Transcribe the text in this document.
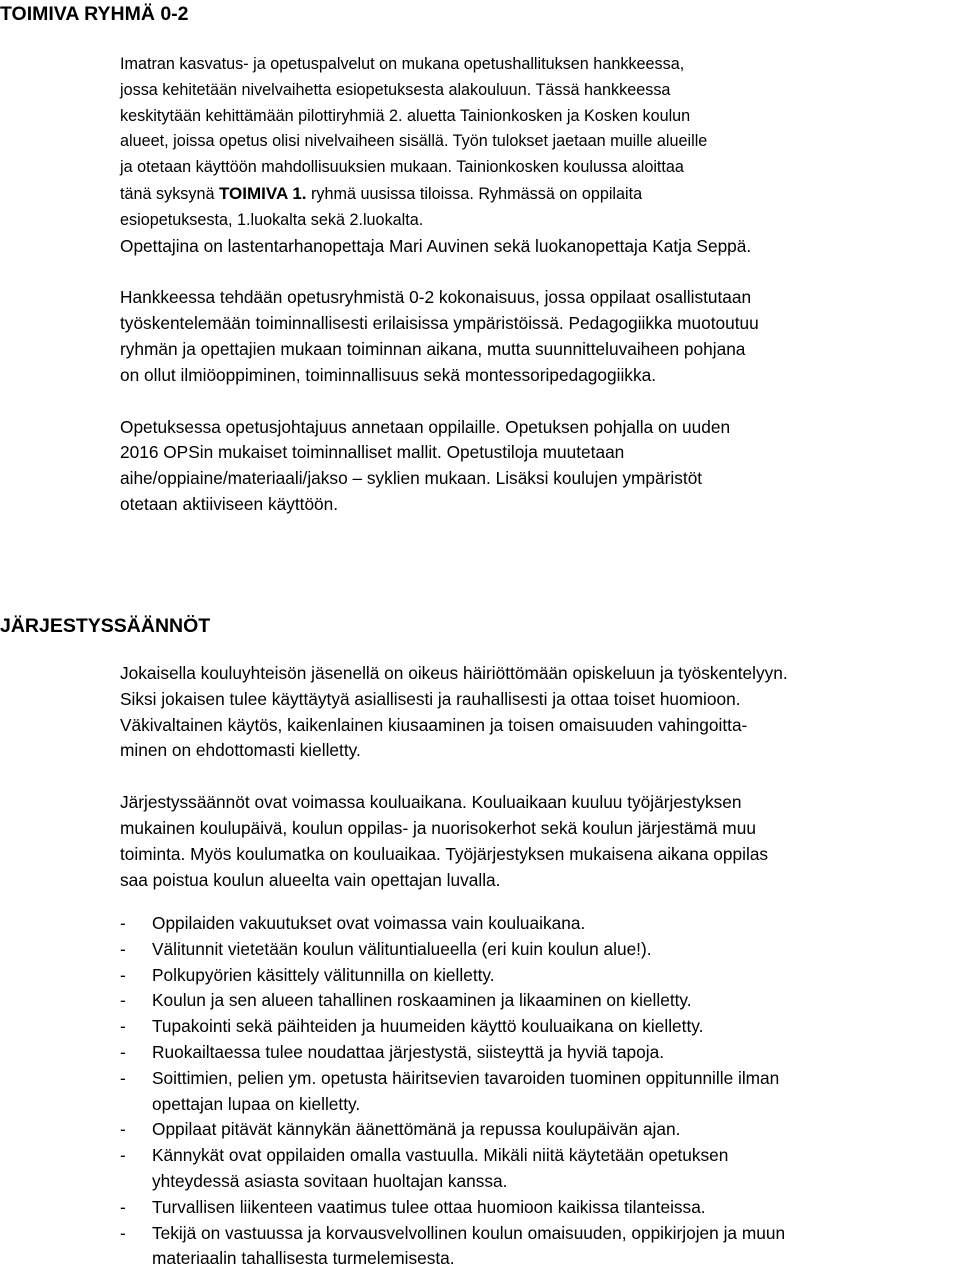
TOIMIVA RYHMÄ 0-2

Imatran kasvatus- ja opetuspalvelut on mukana opetushallituksen hankkeessa,
jossa kehitetään nivelvaihetta esiopetuksesta alakouluun. Tässä hankkeessa
keskitytään kehittämään pilottiryhmiä 2. aluetta Tainionkosken ja Kosken koulun
alueet, joissa opetus olisi nivelvaiheen sisällä. Työn tulokset jaetaan muille alueille
ja otetaan käyttöön mahdollisuuksien mukaan. Tainionkosken koulussa aloittaa
tänä syksynä TOIMIVA 1. ryhmä uusissa tiloissa. Ryhmässä on oppilaita
esiopetuksesta, 1.luokalta sekä 2.luokalta.
Opettajina on lastentarhanopettaja Mari Auvinen sekä luokanopettaja Katja Seppä.

Hankkeessa tehdään opetusryhmistä 0-2 kokonaisuus, jossa oppilaat osallistutaan
työskentelemään toiminnallisesti erilaisissa ympäristöissä. Pedagogiikka muotoutuu
ryhmän ja opettajien mukaan toiminnan aikana, mutta suunnitteluvaiheen pohjana
on ollut ilmiöoppiminen, toiminnallisuus sekä montessoripedagogiikka.

Opetuksessa opetusjohtajuus annetaan oppilaille. Opetuksen pohjalla on uuden
2016 OPSin mukaiset toiminnalliset mallit. Opetustiloja muutetaan
aihe/oppiaine/materiaali/jakso – syklien mukaan. Lisäksi koulujen ympäristöt
otetaan aktiiviseen käyttöön.

JÄRJESTYSSÄÄNNÖT

Jokaisella kouluyhteisön jäsenellä on oikeus häiriöttömään opiskeluun ja työskentelyyn.
Siksi jokaisen tulee käyttäytyä asiallisesti ja rauhallisesti ja ottaa toiset huomioon.
Väkivaltainen käytös, kaikenlainen kiusaaminen ja toisen omaisuuden vahingoitta-
minen on ehdottomasti kielletty.

Järjestyssäännöt ovat voimassa kouluaikana. Kouluaikaan kuuluu työjärjestyksen
mukainen koulupäivä, koulun oppilas- ja nuorisokerhot sekä koulun järjestämä muu
toiminta. Myös koulumatka on kouluaikaa. Työjärjestyksen mukaisena aikana oppilas
saa poistua koulun alueelta vain opettajan luvalla.

- Oppilaiden vakuutukset ovat voimassa vain kouluaikana.
- Välitunnit vietetään koulun välituntialueella (eri kuin koulun alue!).
- Polkupyörien käsittely välitunnilla on kielletty.
- Koulun ja sen alueen tahallinen roskaaminen ja likaaminen on kielletty.
- Tupakointi sekä päihteiden ja huumeiden käyttö kouluaikana on kielletty.
- Ruokailtaessa tulee noudattaa järjestystä, siisteyttä ja hyviä tapoja.
- Soittimien, pelien ym. opetusta häiritsevien tavaroiden tuominen oppitunnille ilman
opettajan lupaa on kielletty.
- Oppilaat pitävät kännykän äänettömänä ja repussa koulupäivän ajan.
- Kännykät ovat oppilaiden omalla vastuulla. Mikäli niitä käytetään opetuksen
yhteydessä asiasta sovitaan huoltajan kanssa.
- Turvallisen liikenteen vaatimus tulee ottaa huomioon kaikissa tilanteissa.
- Tekijä on vastuussa ja korvausvelvollinen koulun omaisuuden, oppikirjojen ja muun
materiaalin tahallisesta turmelemisesta.
